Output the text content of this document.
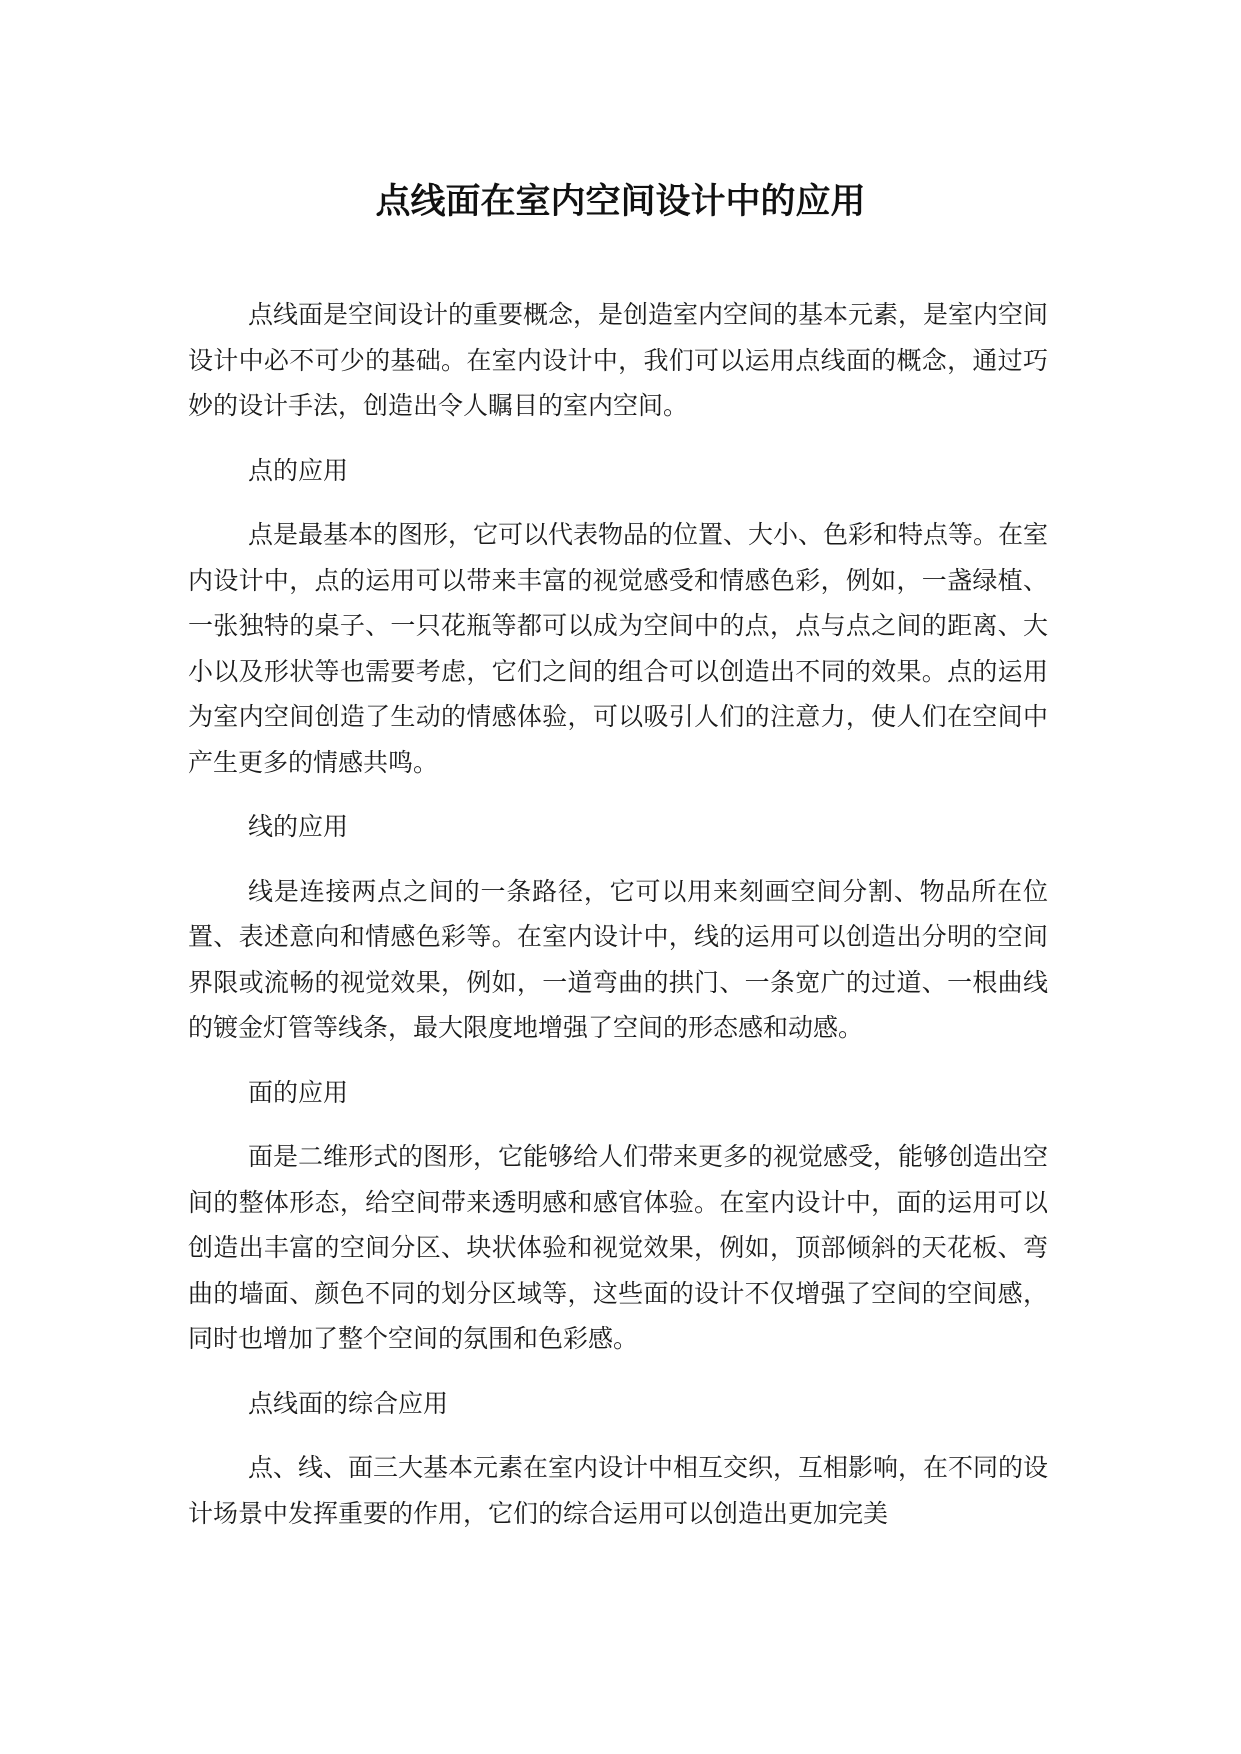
点线面在室内空间设计中的应用

点线面是空间设计的重要概念，是创造室内空间的基本元素，是室内空间设计中必不可少的基础。在室内设计中，我们可以运用点线面的概念，通过巧妙的设计手法，创造出令人瞩目的室内空间。

点的应用

点是最基本的图形，它可以代表物品的位置、大小、色彩和特点等。在室内设计中，点的运用可以带来丰富的视觉感受和情感色彩，例如，一盏绿植、一张独特的桌子、一只花瓶等都可以成为空间中的点，点与点之间的距离、大小以及形状等也需要考虑，它们之间的组合可以创造出不同的效果。点的运用为室内空间创造了生动的情感体验，可以吸引人们的注意力，使人们在空间中产生更多的情感共鸣。

线的应用

线是连接两点之间的一条路径，它可以用来刻画空间分割、物品所在位置、表述意向和情感色彩等。在室内设计中，线的运用可以创造出分明的空间界限或流畅的视觉效果，例如，一道弯曲的拱门、一条宽广的过道、一根曲线的镀金灯管等线条，最大限度地增强了空间的形态感和动感。

面的应用

面是二维形式的图形，它能够给人们带来更多的视觉感受，能够创造出空间的整体形态，给空间带来透明感和感官体验。在室内设计中，面的运用可以创造出丰富的空间分区、块状体验和视觉效果，例如，顶部倾斜的天花板、弯曲的墙面、颜色不同的划分区域等，这些面的设计不仅增强了空间的空间感，同时也增加了整个空间的氛围和色彩感。

点线面的综合应用

点、线、面三大基本元素在室内设计中相互交织，互相影响，在不同的设计场景中发挥重要的作用，它们的综合运用可以创造出更加完美
